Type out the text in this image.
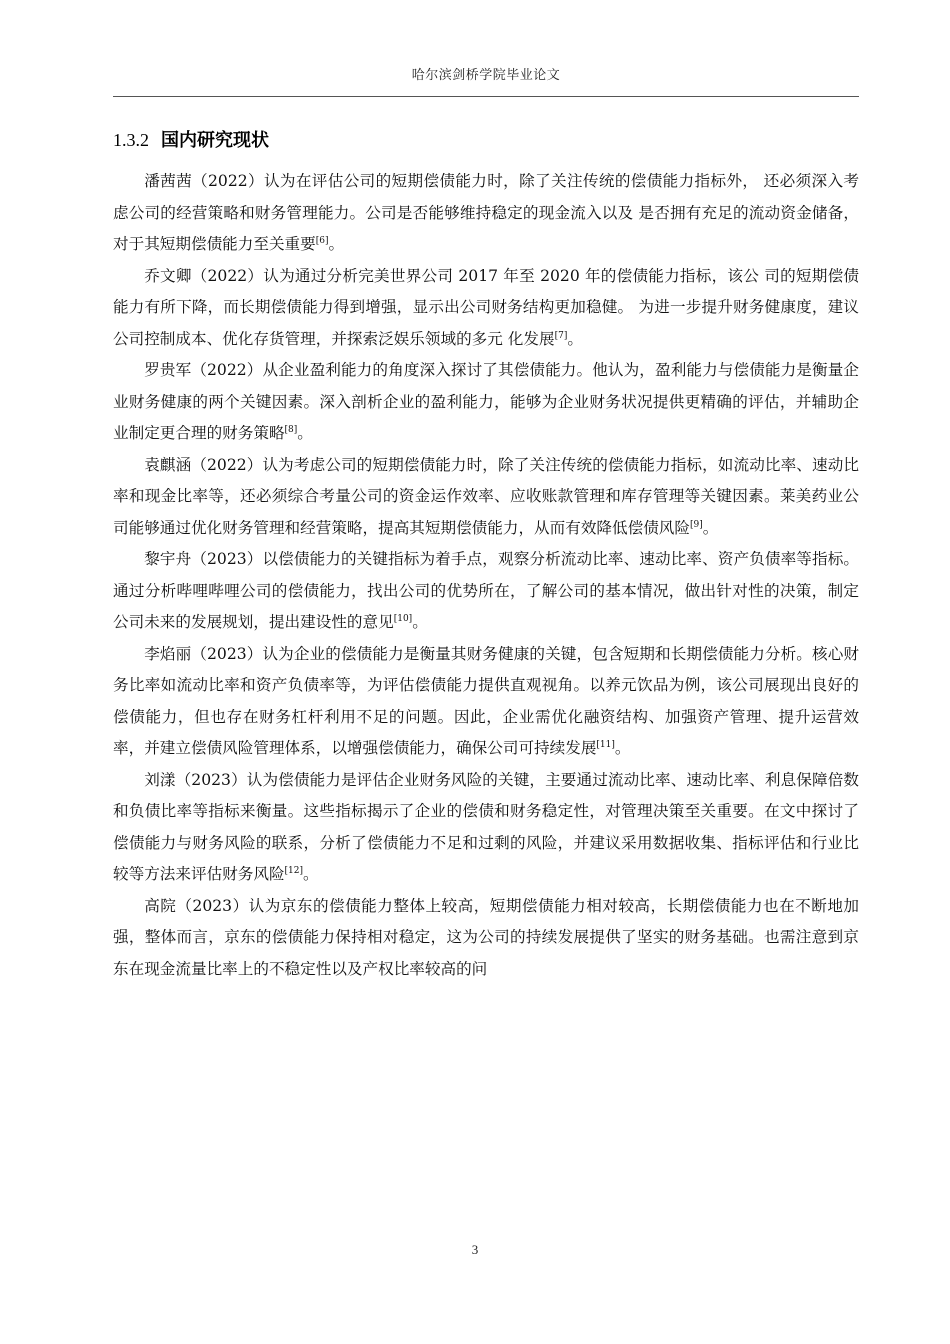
哈尔滨剑桥学院毕业论文
1.3.2 国内研究现状

潘茜茜（2022）认为在评估公司的短期偿债能力时，除了关注传统的偿债能力指标外， 还必须深入考虑公司的经营策略和财务管理能力。公司是否能够维持稳定的现金流入以及 是否拥有充足的流动资金储备，对于其短期偿债能力至关重要[6]。

乔文卿（2022）认为通过分析完美世界公司 2017 年至 2020 年的偿债能力指标，该公 司的短期偿债能力有所下降，而长期偿债能力得到增强，显示出公司财务结构更加稳健。 为进一步提升财务健康度，建议公司控制成本、优化存货管理，并探索泛娱乐领域的多元 化发展[7]。

罗贵军（2022）从企业盈利能力的角度深入探讨了其偿债能力。他认为，盈利能力与偿债能力是衡量企业财务健康的两个关键因素。深入剖析企业的盈利能力，能够为企业财务状况提供更精确的评估，并辅助企业制定更合理的财务策略[8]。

袁麒涵（2022）认为考虑公司的短期偿债能力时，除了关注传统的偿债能力指标，如流动比率、速动比率和现金比率等，还必须综合考量公司的资金运作效率、应收账款管理和库存管理等关键因素。莱美药业公司能够通过优化财务管理和经营策略，提高其短期偿债能力，从而有效降低偿债风险[9]。

黎宇舟（2023）以偿债能力的关键指标为着手点，观察分析流动比率、速动比率、资产负债率等指标。通过分析哔哩哔哩公司的偿债能力，找出公司的优势所在，了解公司的基本情况，做出针对性的决策，制定公司未来的发展规划，提出建设性的意见[10]。

李焰丽（2023）认为企业的偿债能力是衡量其财务健康的关键，包含短期和长期偿债能力分析。核心财务比率如流动比率和资产负债率等，为评估偿债能力提供直观视角。以养元饮品为例，该公司展现出良好的偿债能力，但也存在财务杠杆利用不足的问题。因此，企业需优化融资结构、加强资产管理、提升运营效率，并建立偿债风险管理体系，以增强偿债能力，确保公司可持续发展[11]。

刘漾（2023）认为偿债能力是评估企业财务风险的关键，主要通过流动比率、速动比率、利息保障倍数和负债比率等指标来衡量。这些指标揭示了企业的偿债和财务稳定性，对管理决策至关重要。在文中探讨了偿债能力与财务风险的联系，分析了偿债能力不足和过剩的风险，并建议采用数据收集、指标评估和行业比较等方法来评估财务风险[12]。

高院（2023）认为京东的偿债能力整体上较高，短期偿债能力相对较高，长期偿债能力也在不断地加强，整体而言，京东的偿债能力保持相对稳定，这为公司的持续发展提供了坚实的财务基础。也需注意到京东在现金流量比率上的不稳定性以及产权比率较高的问

3
